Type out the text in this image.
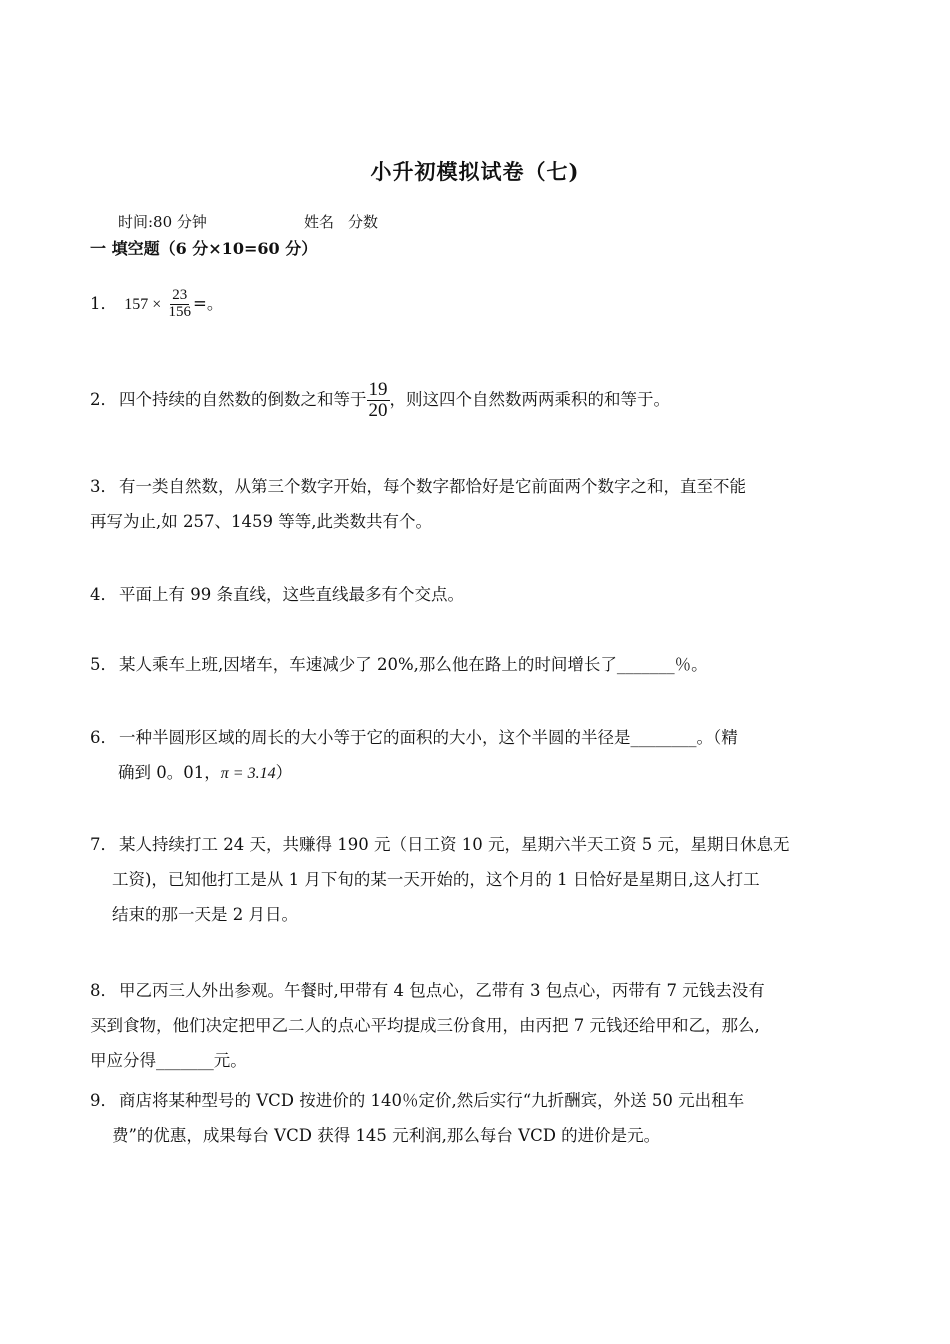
小升初模拟试卷（七)
时间:80 分钟	姓名 分数
一 填空题（6 分×10=60 分）
1． $157 \times \frac{23}{156}$ =。
2． 四个持续的自然数的倒数之和等于 $\frac{19}{20}$ ，则这四个自然数两两乘积的和等于。
3． 有一类自然数，从第三个数字开始，每个数字都恰好是它前面两个数字之和，直至不能
再写为止,如 257、1459 等等,此类数共有个。
4． 平面上有 99 条直线，这些直线最多有个交点。
5． 某人乘车上班,因堵车，车速减少了 20%,那么他在路上的时间增长了_______％。
6． 一种半圆形区域的周长的大小等于它的面积的大小，这个半圆的半径是________。（精
确到 0。01，π = 3.14）
7． 某人持续打工 24 天，共赚得 190 元（日工资 10 元，星期六半天工资 5 元，星期日休息无
工资)，已知他打工是从 1 月下旬的某一天开始的，这个月的 1 日恰好是星期日,这人打工
结束的那一天是 2 月日。
8． 甲乙丙三人外出参观。午餐时,甲带有 4 包点心，乙带有 3 包点心，丙带有 7 元钱去没有
买到食物，他们决定把甲乙二人的点心平均提成三份食用，由丙把 7 元钱还给甲和乙，那么,
甲应分得_______元。
9． 商店将某种型号的 VCD 按进价的 140％定价,然后实行“九折酬宾，外送 50 元出租车
费”的优惠，成果每台 VCD 获得 145 元利润,那么每台 VCD 的进价是元。
